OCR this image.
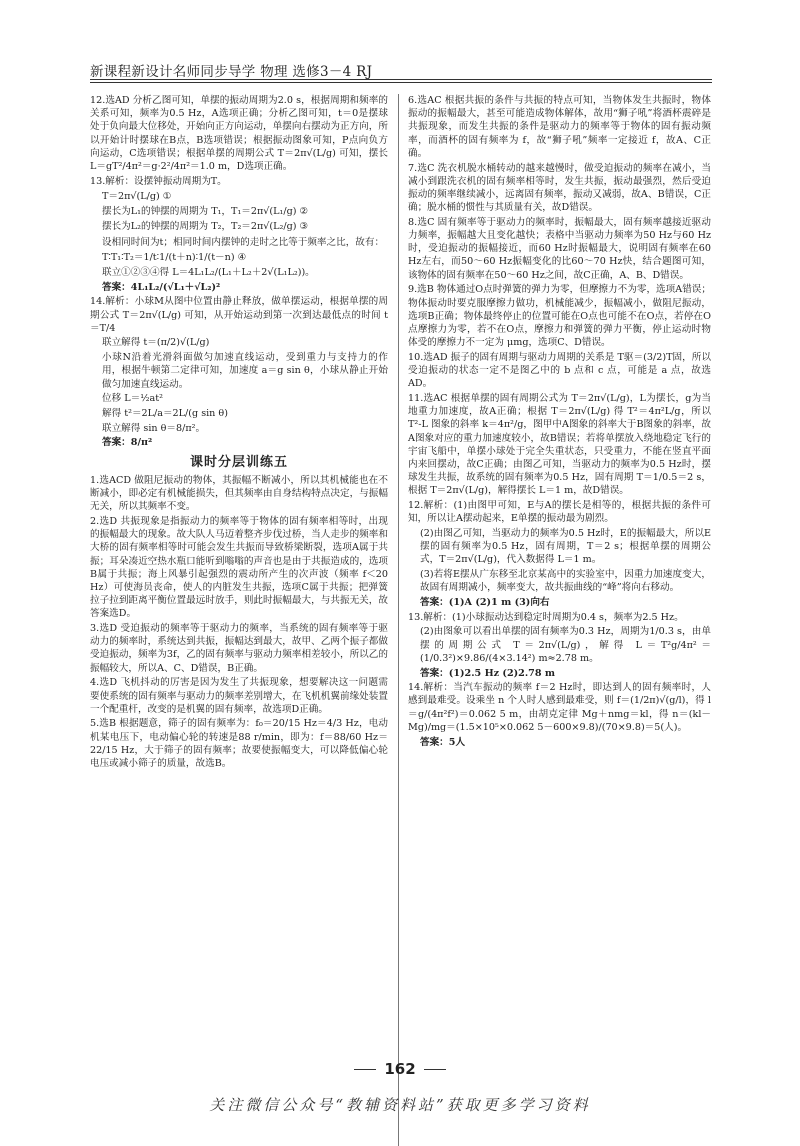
新课程新设计名师同步导学 物理 选修3－4 RJ

12.选AD 分析乙图可知，单摆的振动周期为2.0 s，根据周期和频率的关系可知，频率为0.5 Hz，A选项正确；分析乙图可知，t＝0是摆球处于负向最大位移处，开始向正方向运动，单摆向右摆动为正方向，所以开始计时摆球在B点，B选项错误；根据振动图象可知，P点向负方向运动，C选项错误；根据单摆的周期公式 T＝2π√(L/g) 可知，摆长 L＝gT²/4π²＝g·2²/4π²＝1.0 m，D选项正确。

13.解析：设摆钟振动周期为T。

T＝2π√(L/g) ①

摆长为L₁的钟摆的周期为 T₁，T₁＝2π√(L₁/g) ②

摆长为L₂的钟摆的周期为 T₂，T₂＝2π√(L₂/g) ③

设相同时间为t；相同时间内摆钟的走时之比等于频率之比，故有：

T∶T₁∶T₂＝1/t∶1/(t＋n)∶1/(t－n) ④

联立①②③④得 L＝4L₁L₂/(L₁＋L₂＋2√(L₁L₂))。

答案：4L₁L₂/(√L₁＋√L₂)²

14.解析：小球M从图中位置由静止释放，做单摆运动，根据单摆的周期公式 T＝2π√(L/g) 可知，从开始运动到第一次到达最低点的时间 t＝T/4

联立解得 t＝(π/2)√(L/g)

小球N沿着光滑斜面做匀加速直线运动，受到重力与支持力的作用，根据牛顿第二定律可知，加速度 a＝g sin θ，小球从静止开始做匀加速直线运动。

位移 L＝½at²

解得 t²＝2L/a＝2L/(g sin θ)

联立解得 sin θ＝8/π²。

答案：8/π²

课时分层训练五

1.选ACD 做阻尼振动的物体，其振幅不断减小，所以其机械能也在不断减小，即必定有机械能损失，但其频率由自身结构特点决定，与振幅无关，所以其频率不变。

2.选D 共振现象是指振动力的频率等于物体的固有频率相等时，出现的振幅最大的现象。故大队人马迈着整齐步伐过桥，当人走步的频率和大桥的固有频率相等时可能会发生共振而导致桥梁断裂，选项A属于共振；耳朵凑近空热水瓶口能听到嗡嗡的声音也是由于共振造成的，选项B属于共振；海上风暴引起强烈的震动所产生的次声波（频率 f＜20 Hz）可使海员丧命，使人的内脏发生共振，选项C属于共振；把弹簧拉子拉到距离平衡位置最远时放手，则此时振幅最大，与共振无关，故答案选D。

3.选D 受迫振动的频率等于驱动力的频率，当系统的固有频率等于驱动力的频率时，系统达到共振，振幅达到最大，故甲、乙两个振子都做受迫振动，频率为3f，乙的固有频率与驱动力频率相差较小，所以乙的振幅较大，所以A、C、D错误，B正确。

4.选D 飞机抖动的厉害是因为发生了共振现象，想要解决这一问题需要使系统的固有频率与驱动力的频率差别增大，在飞机机翼前缘处装置一个配重杆，改变的是机翼的固有频率，故选项D正确。

5.选B 根据题意，筛子的固有频率为：f₀＝20/15 Hz＝4/3 Hz，电动机某电压下，电动偏心轮的转速是88 r/min，即为：f＝88/60 Hz＝22/15 Hz，大于筛子的固有频率；故要使振幅变大，可以降低偏心轮电压或减小筛子的质量，故选B。

6.选AC 根据共振的条件与共振的特点可知，当物体发生共振时，物体振动的振幅最大，甚至可能造成物体解体，故用“狮子吼”将酒杯震碎是共振现象，而发生共振的条件是驱动力的频率等于物体的固有振动频率，而酒杯的固有频率为 f，故“狮子吼”频率一定接近 f，故A、C正确。

7.选C 洗衣机脱水桶转动的越来越慢时，做受迫振动的频率在减小，当减小到跟洗衣机的固有频率相等时，发生共振，振动最强烈，然后受迫振动的频率继续减小，远离固有频率，振动又减弱，故A、B错误，C正确；脱水桶的惯性与其质量有关，故D错误。

8.选C 固有频率等于驱动力的频率时，振幅最大，固有频率越接近驱动力频率，振幅越大且变化越快；表格中当驱动力频率为50 Hz与60 Hz时，受迫振动的振幅接近，而60 Hz时振幅最大，说明固有频率在60 Hz左右，而50～60 Hz振幅变化的比60～70 Hz快，结合题图可知，该物体的固有频率在50～60 Hz之间，故C正确，A、B、D错误。

9.选B 物体通过O点时弹簧的弹力为零，但摩擦力不为零，选项A错误；物体振动时要克服摩擦力做功，机械能减少，振幅减小，做阻尼振动，选项B正确；物体最终停止的位置可能在O点也可能不在O点，若停在O点摩擦力为零，若不在O点，摩擦力和弹簧的弹力平衡，停止运动时物体受的摩擦力不一定为 μmg，选项C、D错误。

10.选AD 振子的固有周期与驱动力周期的关系是 T驱＝(3/2)T固，所以受迫振动的状态一定不是图乙中的 b 点和 c 点，可能是 a 点，故选AD。

11.选AC 根据单摆的固有周期公式为 T＝2π√(L/g)，L为摆长，g为当地重力加速度，故A正确；根据 T＝2π√(L/g) 得 T²＝4π²L/g，所以 T²-L 图象的斜率 k＝4π²/g，图甲中A图象的斜率大于B图象的斜率，故A图象对应的重力加速度较小，故B错误；若将单摆放入绕地稳定飞行的宇宙飞船中，单摆小球处于完全失重状态，只受重力，不能在竖直平面内来回摆动，故C正确；由图乙可知，当驱动力的频率为0.5 Hz时，摆球发生共振，故系统的固有频率为0.5 Hz，固有周期 T＝1/0.5＝2 s，根据 T＝2π√(L/g)，解得摆长 L＝1 m，故D错误。

12.解析：(1)由图甲可知，E与A的摆长是相等的，根据共振的条件可知，所以让A摆动起来，E单摆的振动最为剧烈。

(2)由图乙可知，当驱动力的频率为0.5 Hz时，E的振幅最大，所以E摆的固有频率为0.5 Hz，固有周期，T＝2 s；根据单摆的周期公式，T＝2π√(L/g)，代入数据得 L＝1 m。

(3)若将E摆从广东移至北京某高中的实验室中，因重力加速度变大，故固有周期减小，频率变大，故共振曲线的“峰”将向右移动。

答案：(1)A (2)1 m (3)向右

13.解析：(1)小球振动达到稳定时周期为0.4 s，频率为2.5 Hz。

(2)由图象可以看出单摆的固有频率为0.3 Hz，周期为1/0.3 s，由单摆的周期公式 T＝2π√(L/g)，解得 L＝T²g/4π²＝(1/0.3²)×9.86/(4×3.14²) m≈2.78 m。

答案：(1)2.5 Hz (2)2.78 m

14.解析：当汽车振动的频率 f＝2 Hz时，即达到人的固有频率时，人感到最难受。设乘坐 n 个人时人感到最难受，则 f＝(1/2π)√(g/l)，得 l＝g/(4π²f²)＝0.062 5 m，由胡克定律 Mg＋nmg＝kl，得 n＝(kl－Mg)/mg＝(1.5×10⁵×0.062 5－600×9.8)/(70×9.8)＝5(人)。

答案：5人

162
关注微信公众号“教辅资料站”获取更多学习资料
